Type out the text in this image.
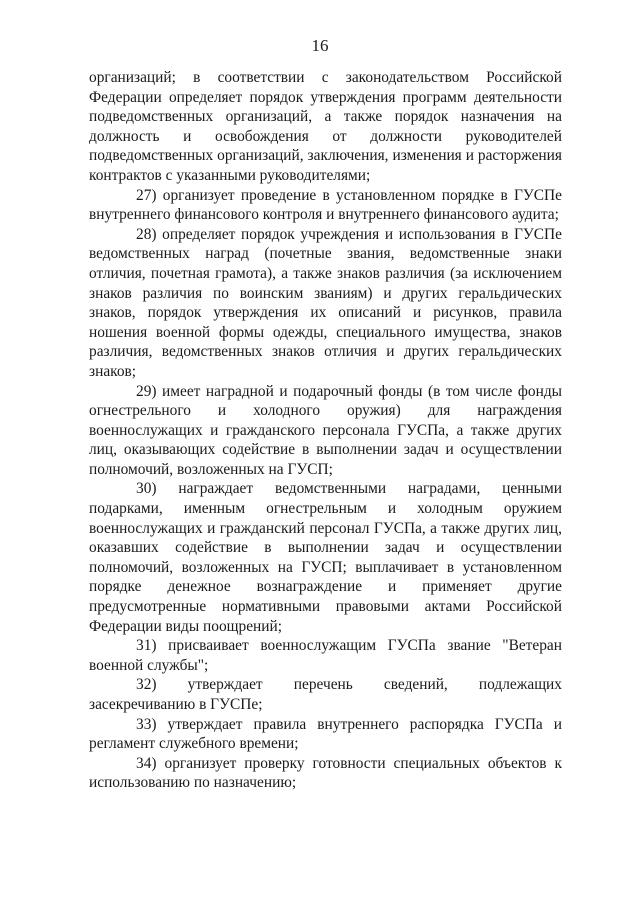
16

организаций; в соответствии с законодательством Российской Федерации определяет порядок утверждения программ деятельности подведомственных организаций, а также порядок назначения на должность и освобождения от должности руководителей подведомственных организаций, заключения, изменения и расторжения контрактов с указанными руководителями;

27) организует проведение в установленном порядке в ГУСПе внутреннего финансового контроля и внутреннего финансового аудита;

28) определяет порядок учреждения и использования в ГУСПе ведомственных наград (почетные звания, ведомственные знаки отличия, почетная грамота), а также знаков различия (за исключением знаков различия по воинским званиям) и других геральдических знаков, порядок утверждения их описаний и рисунков, правила ношения военной формы одежды, специального имущества, знаков различия, ведомственных знаков отличия и других геральдических знаков;

29) имеет наградной и подарочный фонды (в том числе фонды огнестрельного и холодного оружия) для награждения военнослужащих и гражданского персонала ГУСПа, а также других лиц, оказывающих содействие в выполнении задач и осуществлении полномочий, возложенных на ГУСП;

30) награждает ведомственными наградами, ценными подарками, именным огнестрельным и холодным оружием военнослужащих и гражданский персонал ГУСПа, а также других лиц, оказавших содействие в выполнении задач и осуществлении полномочий, возложенных на ГУСП; выплачивает в установленном порядке денежное вознаграждение и применяет другие предусмотренные нормативными правовыми актами Российской Федерации виды поощрений;

31) присваивает военнослужащим ГУСПа звание "Ветеран военной службы";

32) утверждает перечень сведений, подлежащих засекречиванию в ГУСПе;

33) утверждает правила внутреннего распорядка ГУСПа и регламент служебного времени;

34) организует проверку готовности специальных объектов к использованию по назначению;
